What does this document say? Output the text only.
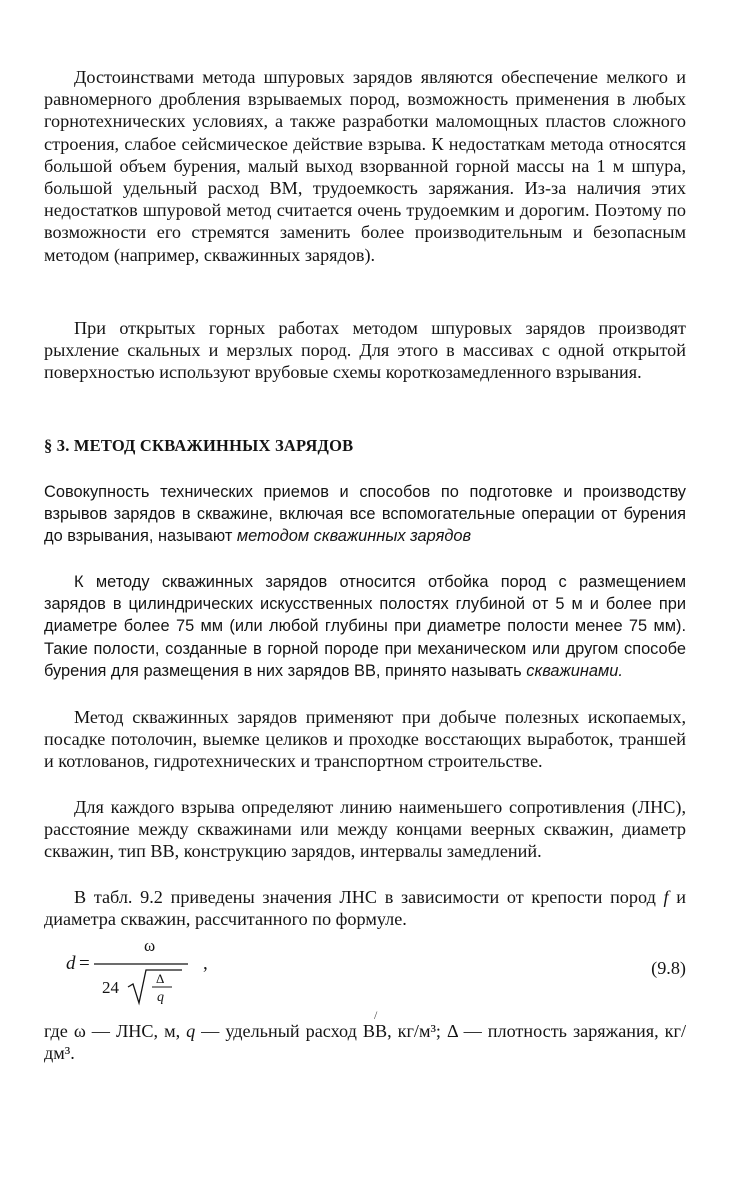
Достоинствами метода шпуровых зарядов являются обеспечение мелкого и равномерного дробления взрываемых пород, возможность применения в любых горнотехнических условиях, а также разработки маломощных пластов сложного строения, слабое сейсмическое действие взрыва. К недостаткам метода относятся большой объем бурения, малый выход взорванной горной массы на 1 м шпура, большой удельный расход ВМ, трудоемкость заряжания. Из-за наличия этих недостатков шпуровой метод считается очень трудоемким и дорогим. Поэтому по возможности его стремятся заменить более производительным и безопасным методом (например, скважинных зарядов).

При открытых горных работах методом шпуровых зарядов производят рыхление скальных и мерзлых пород. Для этого в массивах с одной открытой поверхностью используют врубовые схемы короткозамедленного взрывания.

§ 3. МЕТОД СКВАЖИННЫХ ЗАРЯДОВ

Совокупность технических приемов и способов по подготовке и производству взрывов зарядов в скважине, включая все вспомогательные операции от бурения до взрывания, называют методом скважинных зарядов

К методу скважинных зарядов относится отбойка пород с размещением зарядов в цилиндрических искусственных полостях глубиной от 5 м и более при диаметре более 75 мм (или любой глубины при диаметре полости менее 75 мм). Такие полости, созданные в горной породе при механическом или другом способе бурения для размещения в них зарядов ВВ, принято называть скважинами.

Метод скважинных зарядов применяют при добыче полезных ископаемых, посадке потолочин, выемке целиков и проходке восстающих выработок, траншей и котлованов, гидротехнических и транспортном строительстве.

Для каждого взрыва определяют линию наименьшего сопротивления (ЛНС), расстояние между скважинами или между концами веерных скважин, диаметр скважин, тип ВВ, конструкцию зарядов, интервалы замедлений.

В табл. 9.2 приведены значения ЛНС в зависимости от крепости пород f и диаметра скважин, рассчитанного по формуле.

d =
ω
24	Δ
q
,	(9.8)
/

где ω — ЛНС, м, q — удельный расход ВВ, кг/м³; Δ — плотность заряжания, кг/дм³.
